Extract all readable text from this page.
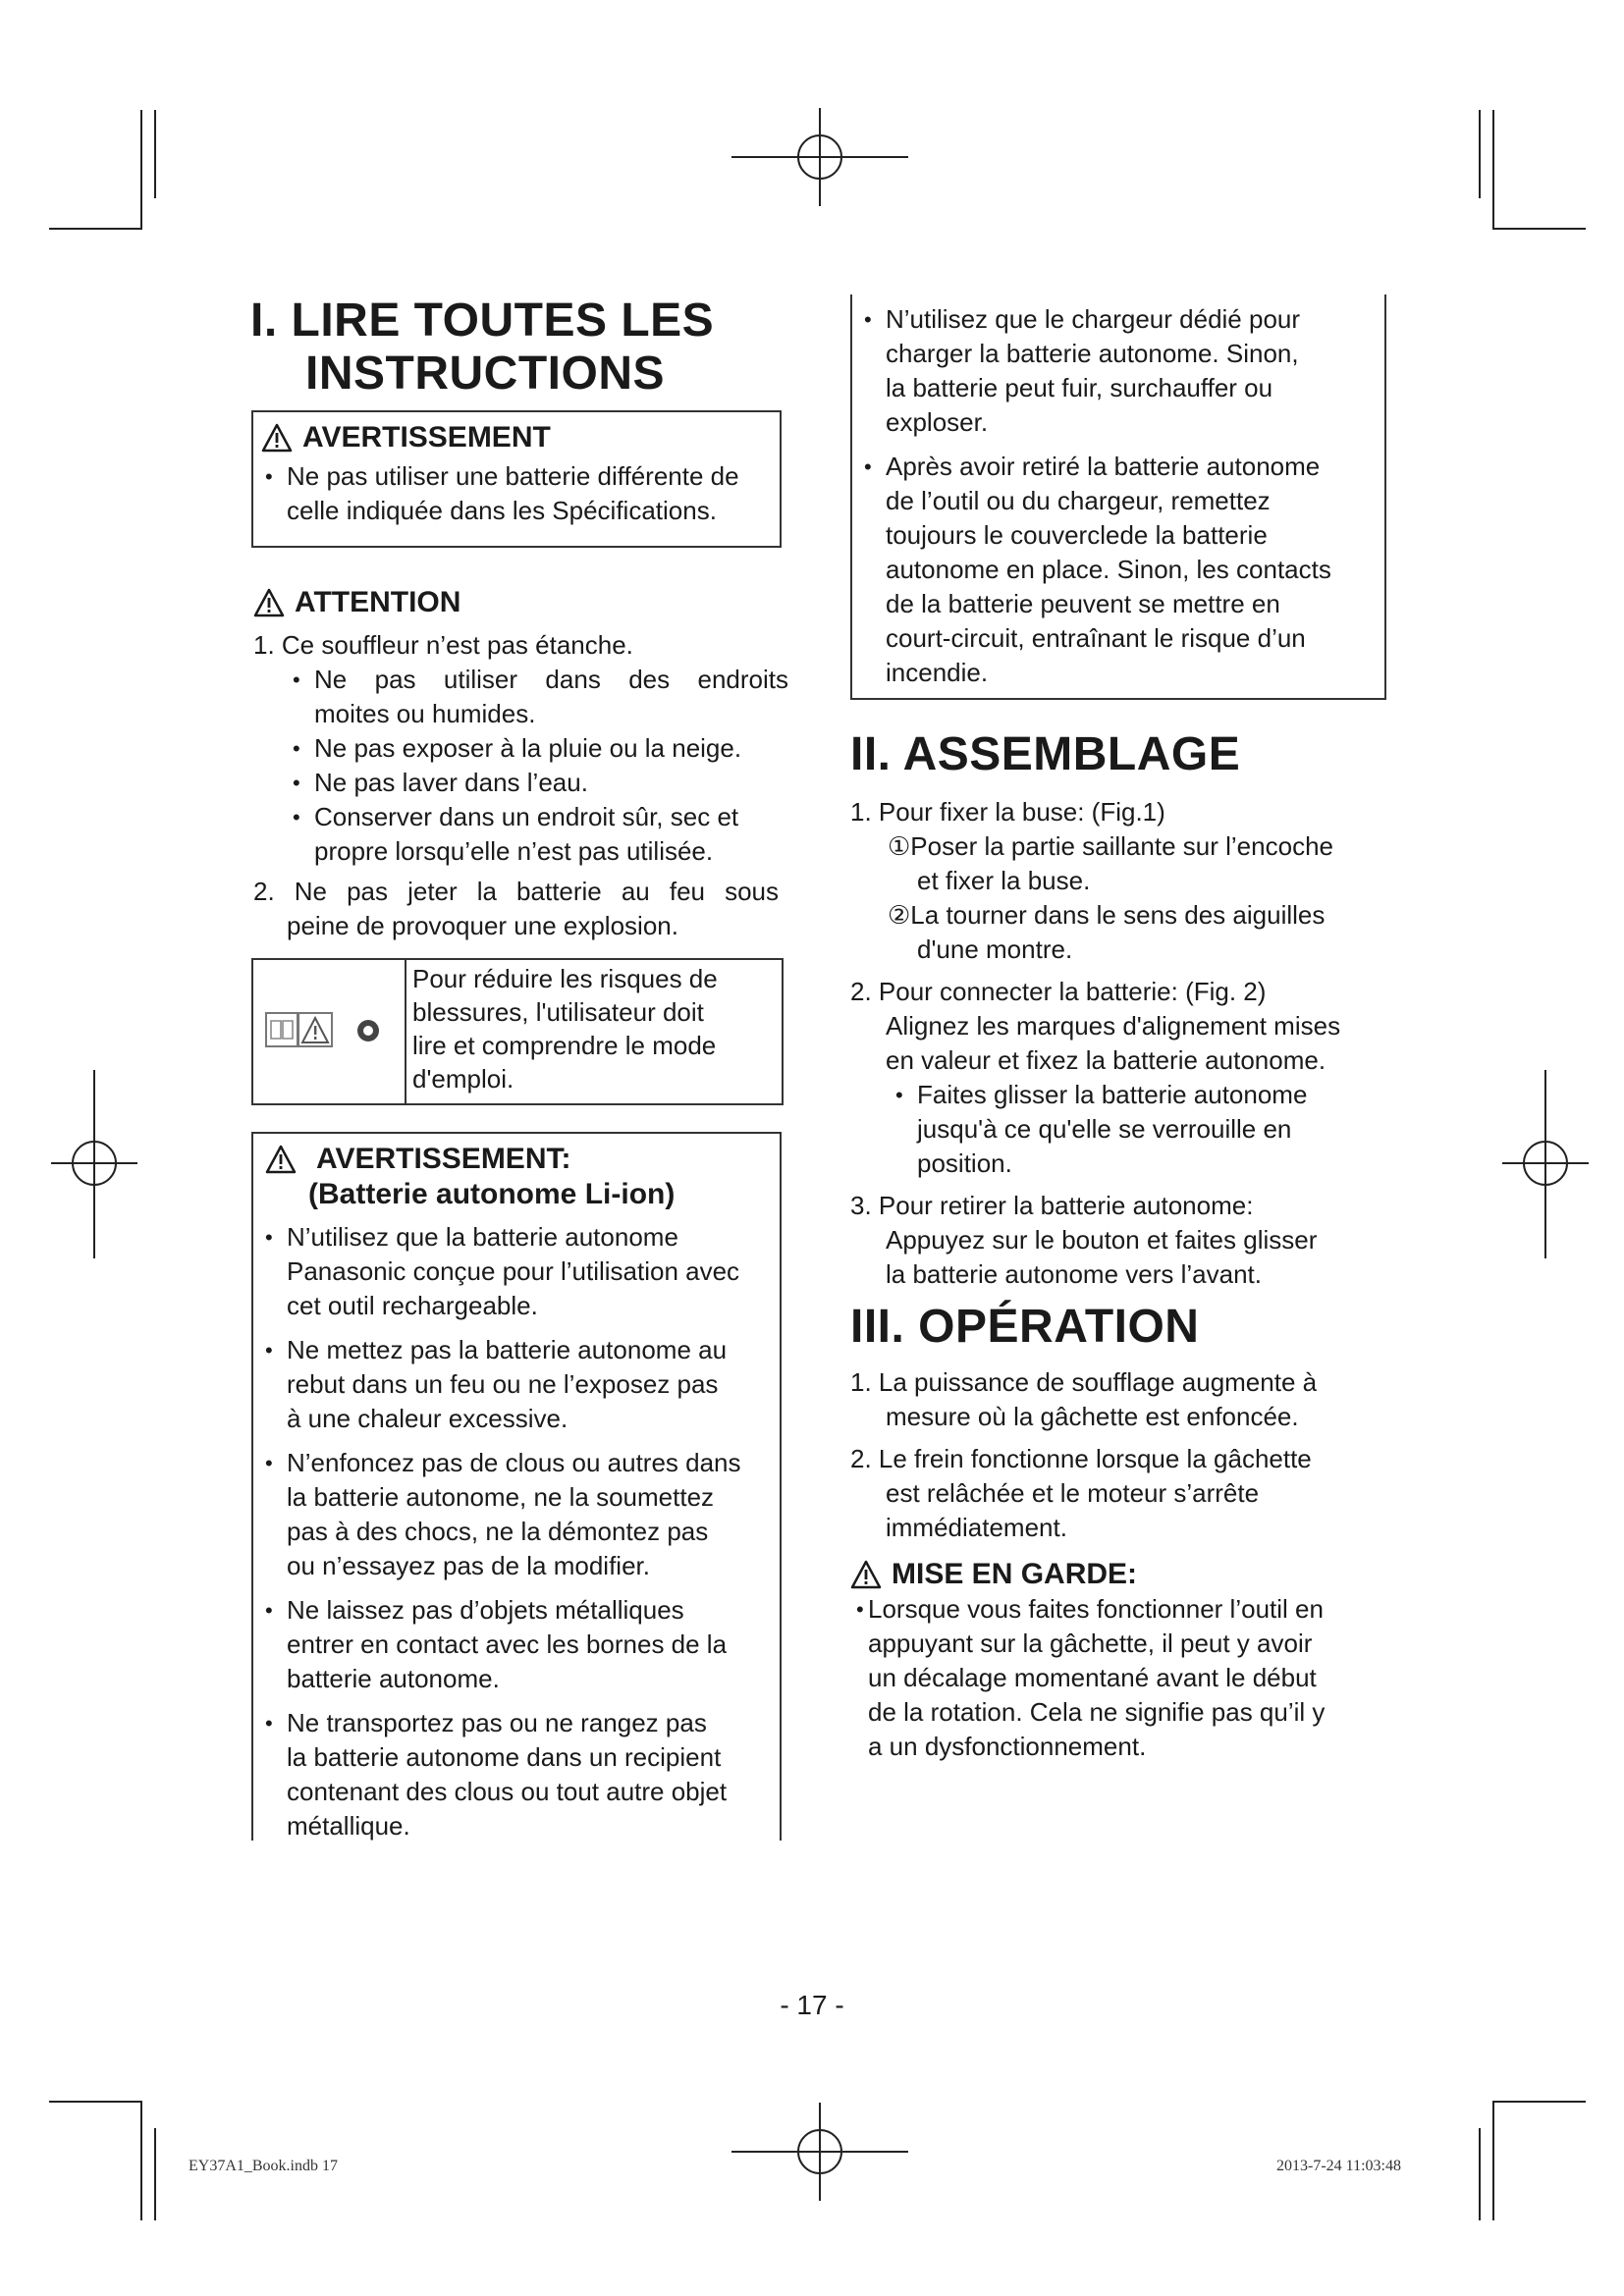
I. LIRE TOUTES LES
INSTRUCTIONS
AVERTISSEMENT
• Ne pas utiliser une batterie différente de
celle indiquée dans les Spécifications.
ATTENTION
1. Ce souffleur n’est pas étanche.
• Ne pas utiliser dans des endroits
moites ou humides.
• Ne pas exposer à la pluie ou la neige.
• Ne pas laver dans l’eau.
• Conserver dans un endroit sûr, sec et
propre lorsqu’elle n’est pas utilisée.
2. Ne pas jeter la batterie au feu sous
peine de provoquer une explosion.
Pour réduire les risques de
blessures, l'utilisateur doit
lire et comprendre le mode
d'emploi.
AVERTISSEMENT:
(Batterie autonome Li-ion)
• N’utilisez que la batterie autonome
Panasonic conçue pour l’utilisation avec
cet outil rechargeable.
• Ne mettez pas la batterie autonome au
rebut dans un feu ou ne l’exposez pas
à une chaleur excessive.
• N’enfoncez pas de clous ou autres dans
la batterie autonome, ne la soumettez
pas à des chocs, ne la démontez pas
ou n’essayez pas de la modifier.
• Ne laissez pas d’objets métalliques
entrer en contact avec les bornes de la
batterie autonome.
• Ne transportez pas ou ne rangez pas
la batterie autonome dans un recipient
contenant des clous ou tout autre objet
métallique.
• N’utilisez que le chargeur dédié pour
charger la batterie autonome. Sinon,
la batterie peut fuir, surchauffer ou
exploser.
• Après avoir retiré la batterie autonome
de l’outil ou du chargeur, remettez
toujours le couverclede la batterie
autonome en place. Sinon, les contacts
de la batterie peuvent se mettre en
court-circuit, entraînant le risque d’un
incendie.
II. ASSEMBLAGE
1. Pour fixer la buse: (Fig.1)
①Poser la partie saillante sur l’encoche
et fixer la buse.
②La tourner dans le sens des aiguilles
d'une montre.
2. Pour connecter la batterie: (Fig. 2)
Alignez les marques d'alignement mises
en valeur et fixez la batterie autonome.
• Faites glisser la batterie autonome
jusqu'à ce qu'elle se verrouille en
position.
3. Pour retirer la batterie autonome:
Appuyez sur le bouton et faites glisser
la batterie autonome vers l’avant.
III. OPÉRATION
1. La puissance de soufflage augmente à
mesure où la gâchette est enfoncée.
2. Le frein fonctionne lorsque la gâchette
est relâchée et le moteur s’arrête
immédiatement.
MISE EN GARDE:
• Lorsque vous faites fonctionner l’outil en
appuyant sur la gâchette, il peut y avoir
un décalage momentané avant le début
de la rotation. Cela ne signifie pas qu’il y
a un dysfonctionnement.
- 17 -
EY37A1_Book.indb 17	2013-7-24 11:03:48
